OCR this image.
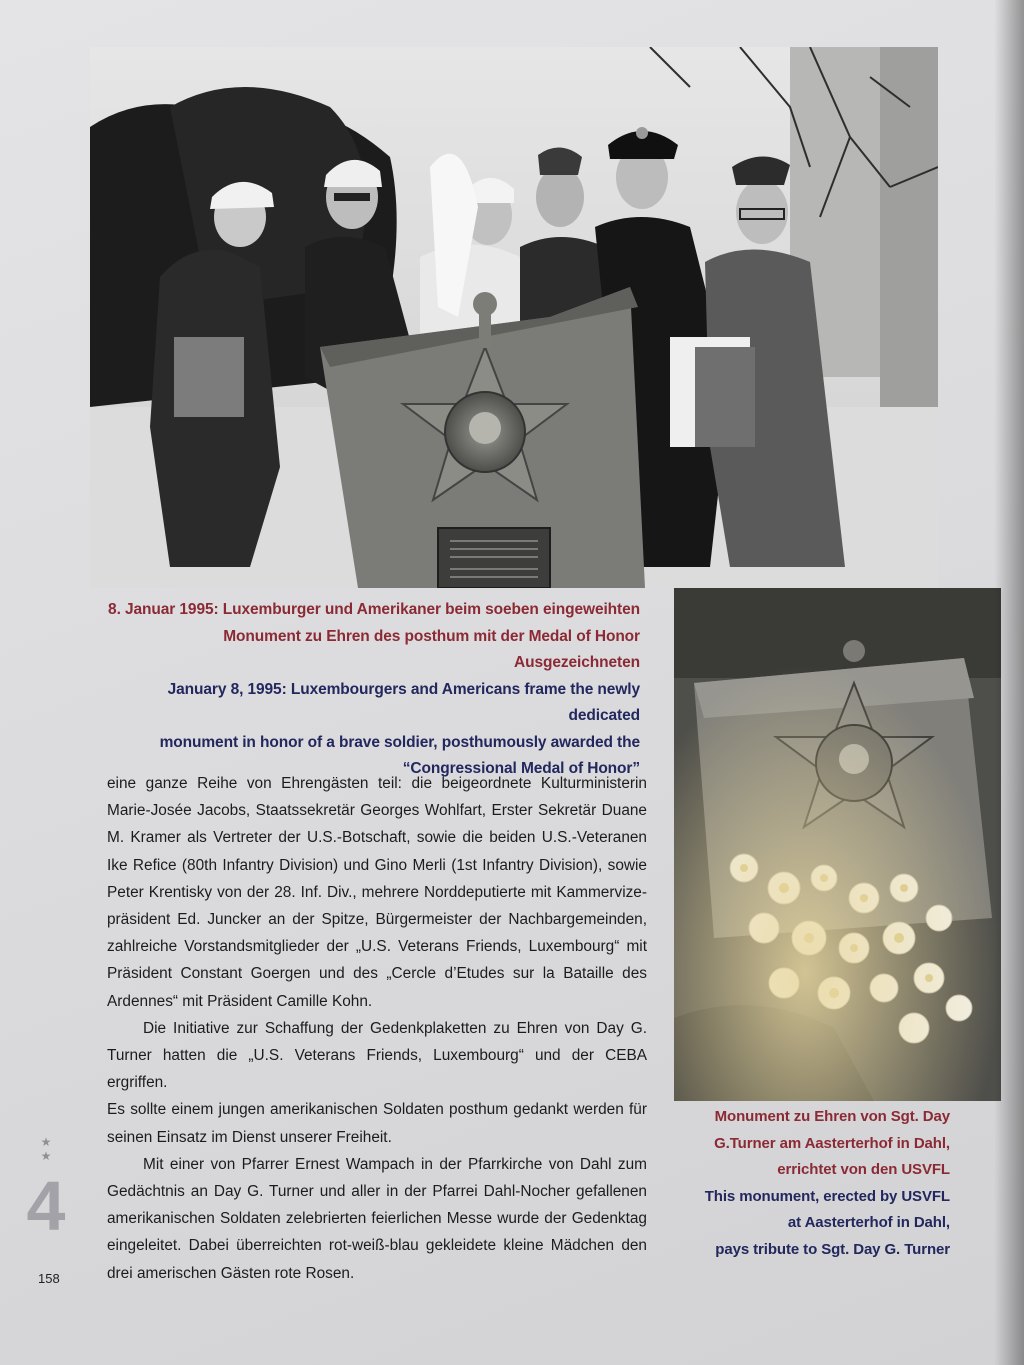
8. Januar 1995: Luxemburger und Amerikaner beim soeben eingeweihten
Monument zu Ehren des posthum mit der Medal of Honor Ausgezeichneten
January 8, 1995: Luxembourgers and Americans frame the newly dedicated
monument in honor of a brave soldier, posthumously awarded the
“Congressional Medal of Honor”
Monument zu Ehren von Sgt. Day
G.Turner am Aasterterhof in Dahl,
errichtet von den USVFL
This monument, erected by USVFL
at Aasterterhof in Dahl,
pays tribute to Sgt. Day G. Turner

eine ganze Reihe von Ehrengästen teil: die beigeordnete Kulturministerin
Marie-Josée Jacobs, Staatssekretär Georges Wohlfart, Erster Sekretär Duane
M. Kramer als Vertreter der U.S.-Botschaft, sowie die beiden U.S.-Veteranen
Ike Refice (80th Infantry Division) und Gino Merli (1st Infantry Division), sowie
Peter Krentisky von der 28. Inf. Div., mehrere Norddeputierte mit Kammervize-
präsident Ed. Juncker an der Spitze, Bürgermeister der Nachbargemeinden,
zahlreiche Vorstandsmitglieder der „U.S. Veterans Friends, Luxembourg“ mit
Präsident Constant Goergen und des „Cercle d’Etudes sur la Bataille des
Ardennes“ mit Präsident Camille Kohn.

Die Initiative zur Schaffung der Gedenkplaketten zu Ehren von Day G.
Turner hatten die „U.S. Veterans Friends, Luxembourg“ und der CEBA ergriffen.
Es sollte einem jungen amerikanischen Soldaten posthum gedankt werden für
seinen Einsatz im Dienst unserer Freiheit.

Mit einer von Pfarrer Ernest Wampach in der Pfarrkirche von Dahl zum
Gedächtnis an Day G. Turner und aller in der Pfarrei Dahl-Nocher gefallenen
amerikanischen Soldaten zelebrierten feierlichen Messe wurde der Gedenktag
eingeleitet. Dabei überreichten rot-weiß-blau gekleidete kleine Mädchen den
drei amerischen Gästen rote Rosen.

★
★
4
158
